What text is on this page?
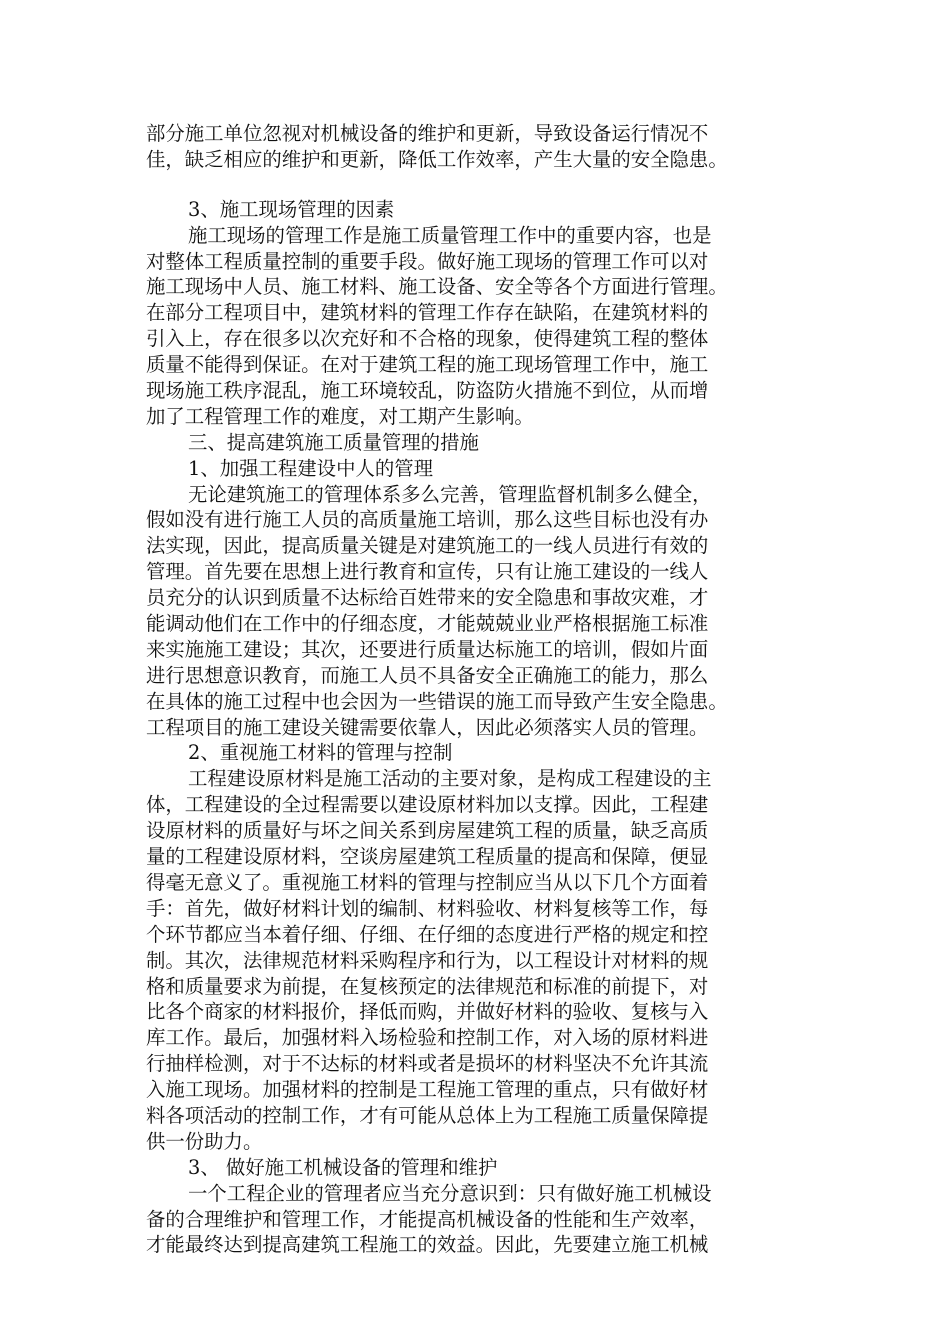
部分施工单位忽视对机械设备的维护和更新，导致设备运行情况不
佳，缺乏相应的维护和更新，降低工作效率，产生大量的安全隐患。
3、施工现场管理的因素
施工现场的管理工作是施工质量管理工作中的重要内容，也是
对整体工程质量控制的重要手段。做好施工现场的管理工作可以对
施工现场中人员、施工材料、施工设备、安全等各个方面进行管理。
在部分工程项目中，建筑材料的管理工作存在缺陷，在建筑材料的
引入上，存在很多以次充好和不合格的现象，使得建筑工程的整体
质量不能得到保证。在对于建筑工程的施工现场管理工作中，施工
现场施工秩序混乱，施工环境较乱，防盗防火措施不到位，从而增
加了工程管理工作的难度，对工期产生影响。
三、提高建筑施工质量管理的措施
1、加强工程建设中人的管理
无论建筑施工的管理体系多么完善，管理监督机制多么健全，
假如没有进行施工人员的高质量施工培训，那么这些目标也没有办
法实现，因此，提高质量关键是对建筑施工的一线人员进行有效的
管理。首先要在思想上进行教育和宣传，只有让施工建设的一线人
员充分的认识到质量不达标给百姓带来的安全隐患和事故灾难，才
能调动他们在工作中的仔细态度，才能兢兢业业严格根据施工标准
来实施施工建设；其次，还要进行质量达标施工的培训，假如片面
进行思想意识教育，而施工人员不具备安全正确施工的能力，那么
在具体的施工过程中也会因为一些错误的施工而导致产生安全隐患。
工程项目的施工建设关键需要依靠人，因此必须落实人员的管理。
2、重视施工材料的管理与控制
工程建设原材料是施工活动的主要对象，是构成工程建设的主
体，工程建设的全过程需要以建设原材料加以支撑。因此，工程建
设原材料的质量好与坏之间关系到房屋建筑工程的质量，缺乏高质
量的工程建设原材料，空谈房屋建筑工程质量的提高和保障，便显
得毫无意义了。重视施工材料的管理与控制应当从以下几个方面着
手：首先，做好材料计划的编制、材料验收、材料复核等工作，每
个环节都应当本着仔细、仔细、在仔细的态度进行严格的规定和控
制。其次，法律规范材料采购程序和行为，以工程设计对材料的规
格和质量要求为前提，在复核预定的法律规范和标准的前提下，对
比各个商家的材料报价，择低而购，并做好材料的验收、复核与入
库工作。最后，加强材料入场检验和控制工作，对入场的原材料进
行抽样检测，对于不达标的材料或者是损坏的材料坚决不允许其流
入施工现场。加强材料的控制是工程施工管理的重点，只有做好材
料各项活动的控制工作，才有可能从总体上为工程施工质量保障提
供一份助力。
3、 做好施工机械设备的管理和维护
一个工程企业的管理者应当充分意识到：只有做好施工机械设
备的合理维护和管理工作，才能提高机械设备的性能和生产效率，
才能最终达到提高建筑工程施工的效益。因此，先要建立施工机械
